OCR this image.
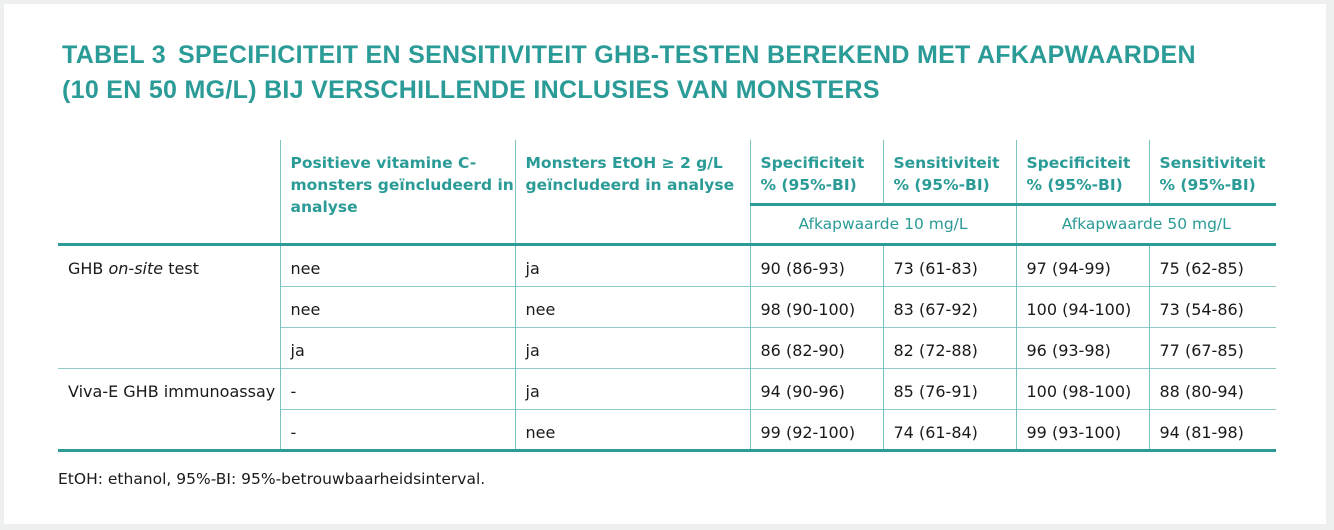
TABEL 3 SPECIFICITEIT EN SENSITIVITEIT GHB-TESTEN BEREKEND MET AFKAPWAARDEN
(10 EN 50 MG/L) BIJ VERSCHILLENDE INCLUSIES VAN MONSTERS
	Positieve vitamine C-monsters geïncludeerd in analyse	Monsters EtOH ≥ 2 g/L geïncludeerd in analyse	Specificiteit % (95%-BI)	Sensitiviteit % (95%-BI)	Specificiteit % (95%-BI)	Sensitiviteit % (95%-BI)
			Afkapwaarde 10 mg/L		Afkapwaarde 50 mg/L	
GHB on-site test	nee	ja	90 (86-93)	73 (61-83)	97 (94-99)	75 (62-85)
	nee	nee	98 (90-100)	83 (67-92)	100 (94-100)	73 (54-86)
	ja	ja	86 (82-90)	82 (72-88)	96 (93-98)	77 (67-85)
Viva-E GHB immunoassay	-	ja	94 (90-96)	85 (76-91)	100 (98-100)	88 (80-94)
	-	nee	99 (92-100)	74 (61-84)	99 (93-100)	94 (81-98)
EtOH: ethanol, 95%-BI: 95%-betrouwbaarheidsinterval.
